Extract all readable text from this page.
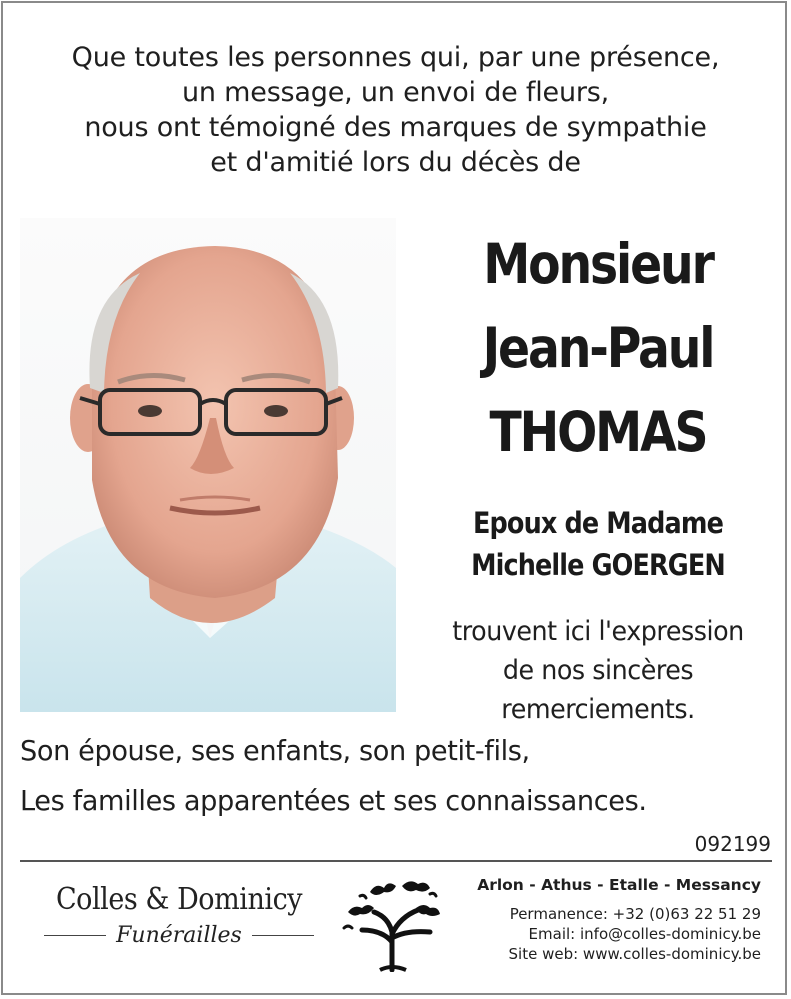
Que toutes les personnes qui, par une présence,
un message, un envoi de fleurs,
nous ont témoigné des marques de sympathie
et d'amitié lors du décès de
Monsieur
Jean-Paul
THOMAS
Epoux de Madame
Michelle GOERGEN
trouvent ici l'expression
de nos sincères
remerciements.
Son épouse, ses enfants, son petit-fils,
Les familles apparentées et ses connaissances.
092199
Colles & Dominicy
Funérailles
Arlon - Athus - Etalle - Messancy
Permanence: +32 (0)63 22 51 29
Email: info@colles-dominicy.be
Site web: www.colles-dominicy.be
